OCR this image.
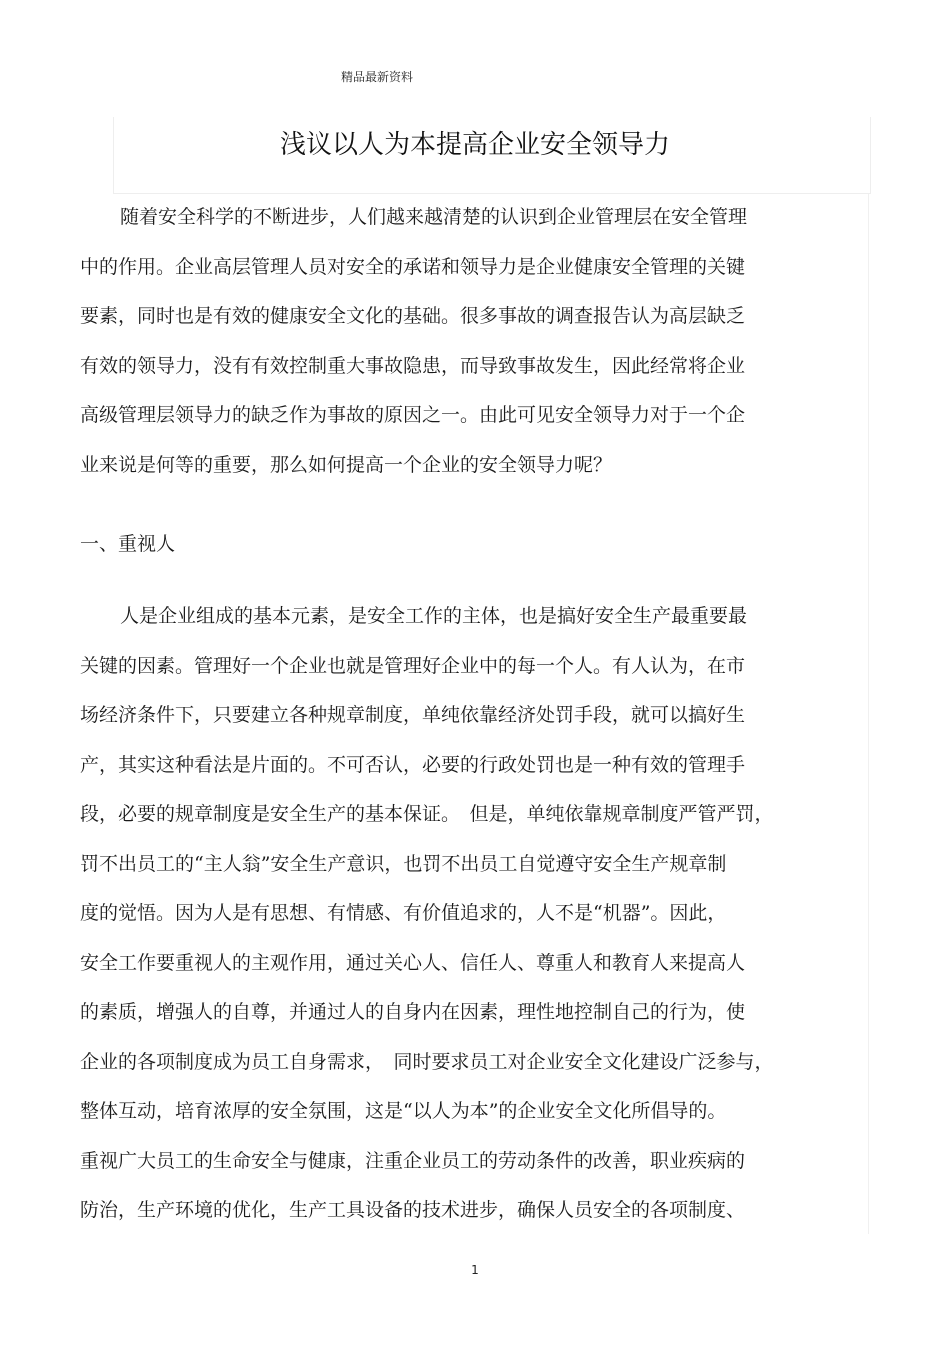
精品最新资料
浅议以人为本提高企业安全领导力
随着安全科学的不断进步，人们越来越清楚的认识到企业管理层在安全管理
中的作用。企业高层管理人员对安全的承诺和领导力是企业健康安全管理的关键
要素，同时也是有效的健康安全文化的基础。很多事故的调查报告认为高层缺乏
有效的领导力，没有有效控制重大事故隐患，而导致事故发生，因此经常将企业
高级管理层领导力的缺乏作为事故的原因之一。由此可见安全领导力对于一个企
业来说是何等的重要，那么如何提高一个企业的安全领导力呢？
一、重视人
人是企业组成的基本元素，是安全工作的主体，也是搞好安全生产最重要最
关键的因素。管理好一个企业也就是管理好企业中的每一个人。有人认为，在市
场经济条件下，只要建立各种规章制度，单纯依靠经济处罚手段，就可以搞好生
产，其实这种看法是片面的。不可否认，必要的行政处罚也是一种有效的管理手
段，必要的规章制度是安全生产的基本保证。　但是，单纯依靠规章制度严管严罚，
罚不出员工的“主人翁”安全生产意识，也罚不出员工自觉遵守安全生产规章制
度的觉悟。因为人是有思想、有情感、有价值追求的，人不是“机器”。因此，
安全工作要重视人的主观作用，通过关心人、信任人、尊重人和教育人来提高人
的素质，增强人的自尊，并通过人的自身内在因素，理性地控制自己的行为，使
企业的各项制度成为员工自身需求，　同时要求员工对企业安全文化建设广泛参与，
整体互动，培育浓厚的安全氛围，这是“以人为本”的企业安全文化所倡导的。
重视广大员工的生命安全与健康，注重企业员工的劳动条件的改善，职业疾病的
防治，生产环境的优化，生产工具设备的技术进步，确保人员安全的各项制度、
1
